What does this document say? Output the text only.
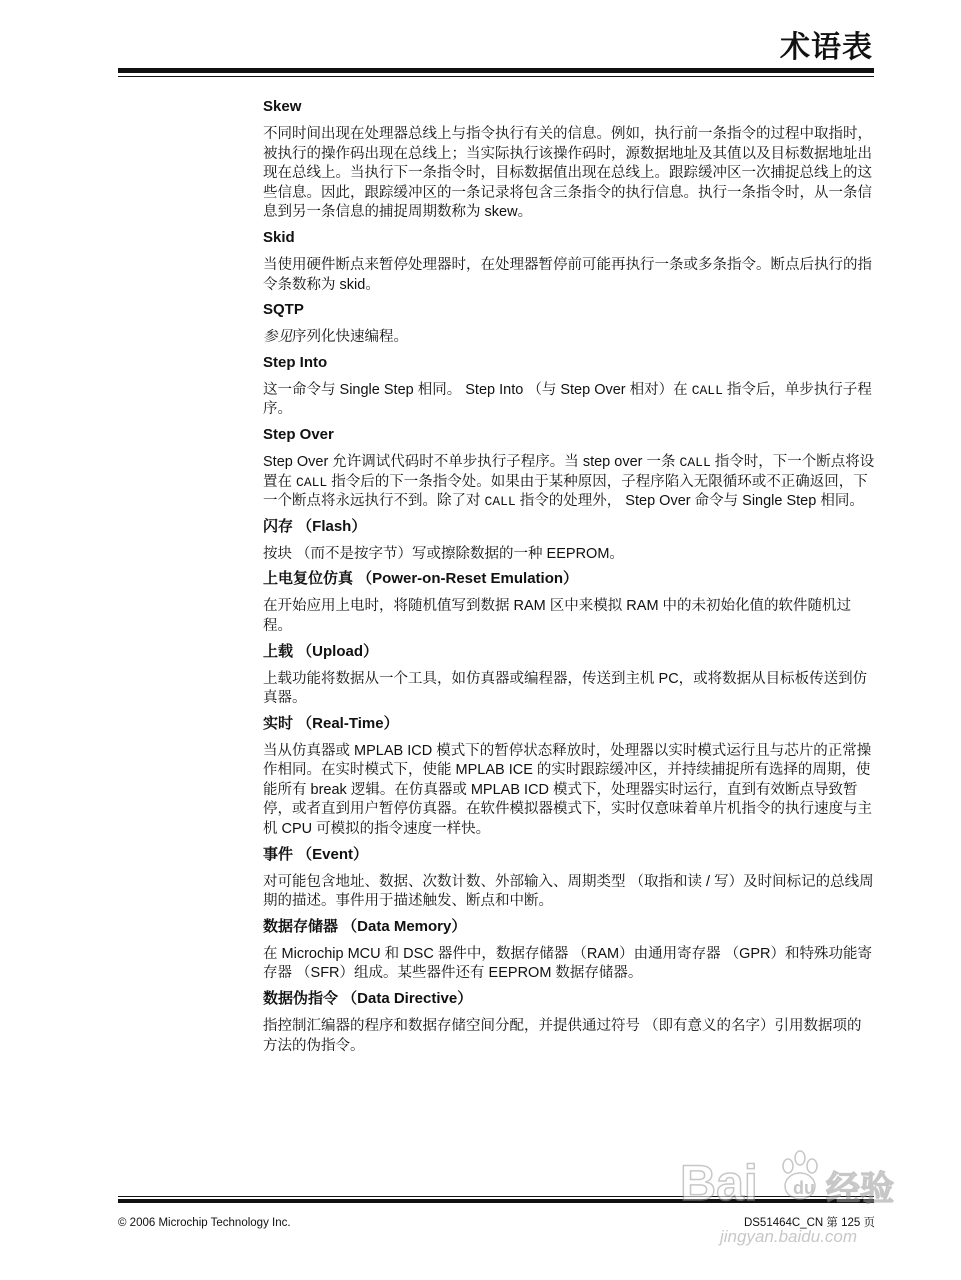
术语表

Skew

不同时间出现在处理器总线上与指令执行有关的信息。例如，执行前一条指令的过程中取指时，被执行的操作码出现在总线上；当实际执行该操作码时，源数据地址及其值以及目标数据地址出现在总线上。当执行下一条指令时，目标数据值出现在总线上。跟踪缓冲区一次捕捉总线上的这些信息。因此，跟踪缓冲区的一条记录将包含三条指令的执行信息。执行一条指令时，从一条信息到另一条信息的捕捉周期数称为 skew。

Skid

当使用硬件断点来暂停处理器时，在处理器暂停前可能再执行一条或多条指令。断点后执行的指令条数称为 skid。

SQTP

参见序列化快速编程。

Step Into

这一命令与 Single Step 相同。 Step Into （与 Step Over 相对）在 CALL 指令后，单步执行子程序。

Step Over

Step Over 允许调试代码时不单步执行子程序。当 step over 一条 CALL 指令时，下一个断点将设置在 CALL 指令后的下一条指令处。如果由于某种原因，子程序陷入无限循环或不正确返回，下一个断点将永远执行不到。除了对 CALL 指令的处理外， Step Over 命令与 Single Step 相同。

闪存 （Flash）

按块 （而不是按字节）写或擦除数据的一种 EEPROM。

上电复位仿真 （Power-on-Reset Emulation）

在开始应用上电时，将随机值写到数据 RAM 区中来模拟 RAM 中的未初始化值的软件随机过程。

上载 （Upload）

上载功能将数据从一个工具，如仿真器或编程器，传送到主机 PC，或将数据从目标板传送到仿真器。

实时 （Real-Time）

当从仿真器或 MPLAB ICD 模式下的暂停状态释放时，处理器以实时模式运行且与芯片的正常操作相同。在实时模式下，使能 MPLAB ICE 的实时跟踪缓冲区，并持续捕捉所有选择的周期，使能所有 break 逻辑。在仿真器或 MPLAB ICD 模式下，处理器实时运行，直到有效断点导致暂停，或者直到用户暂停仿真器。在软件模拟器模式下，实时仅意味着单片机指令的执行速度与主机 CPU 可模拟的指令速度一样快。

事件 （Event）

对可能包含地址、数据、次数计数、外部输入、周期类型 （取指和读 / 写）及时间标记的总线周期的描述。事件用于描述触发、断点和中断。

数据存储器 （Data Memory）

在 Microchip MCU 和 DSC 器件中，数据存储器 （RAM）由通用寄存器 （GPR）和特殊功能寄存器 （SFR）组成。某些器件还有 EEPROM 数据存储器。

数据伪指令 （Data Directive）

指控制汇编器的程序和数据存储空间分配，并提供通过符号 （即有意义的名字）引用数据项的方法的伪指令。

© 2006 Microchip Technology Inc.	DS51464C_CN 第 125 页
Bai du 经验
jingyan.baidu.com
